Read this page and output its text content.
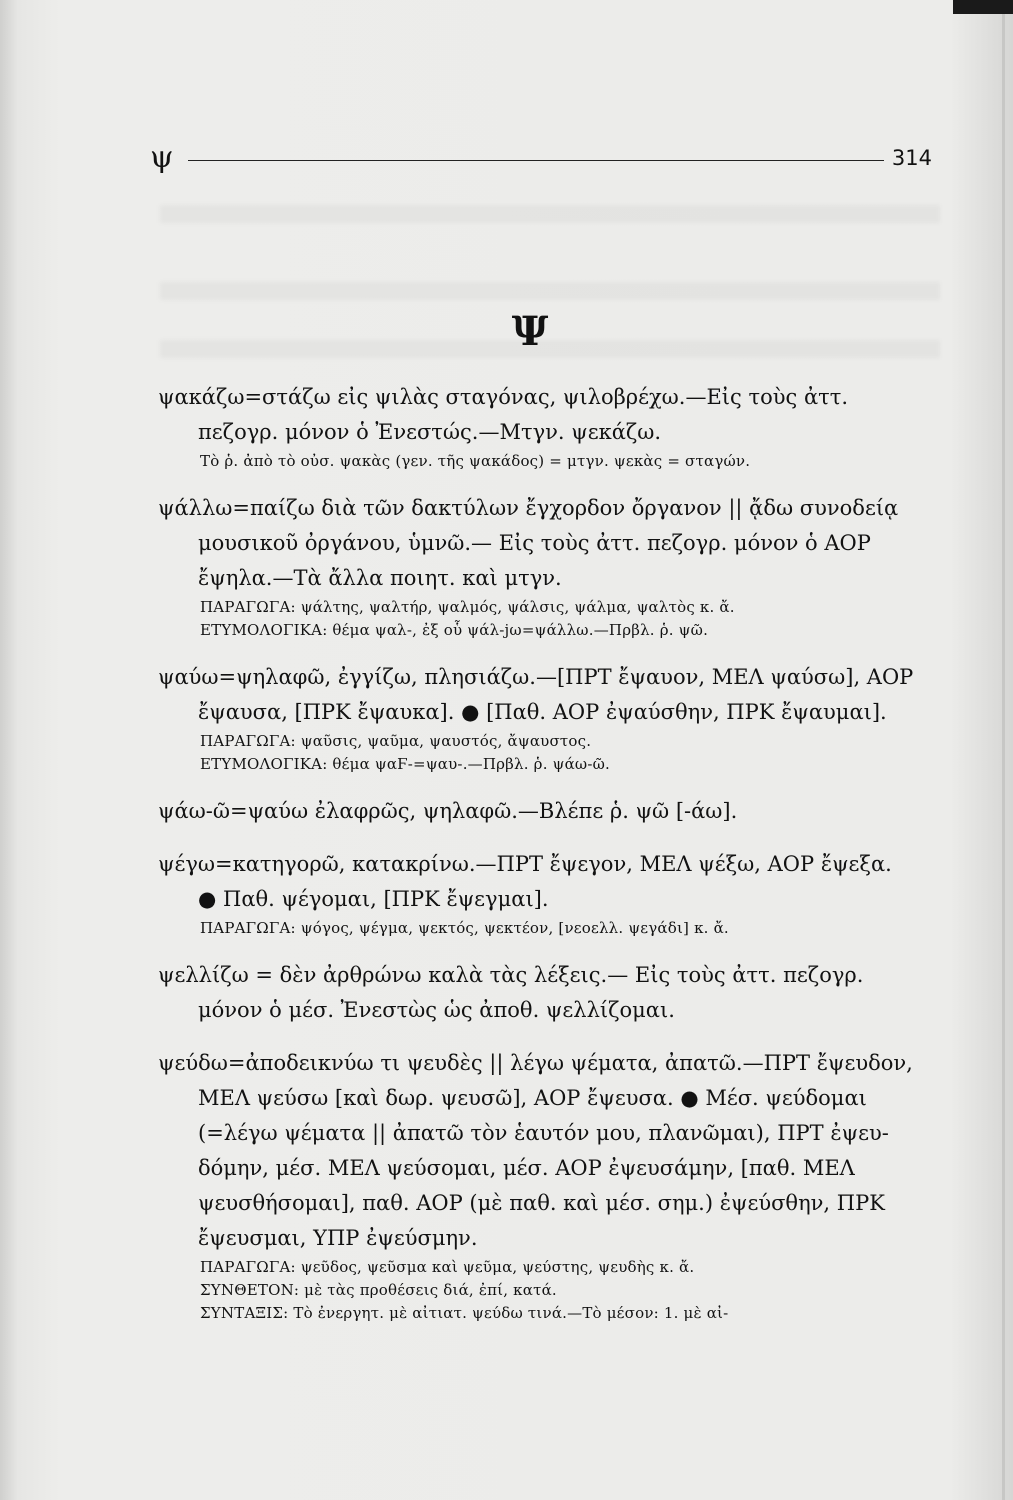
ψ	314
Ψ
ψακάζω=στάζω εἰς ψιλὰς σταγόνας, ψιλοβρέχω.—Εἰς τοὺς ἀττ.
πεζογρ. μόνον ὁ Ἐνεστώς.—Μτγν. ψεκάζω.
Τὸ ῥ. ἀπὸ τὸ οὐσ. ψακὰς (γεν. τῆς ψακάδος) = μτγν. ψεκὰς = σταγών.
ψάλλω=παίζω διὰ τῶν δακτύλων ἔγχορδον ὄργανον || ᾄδω συνοδείᾳ
μουσικοῦ ὀργάνου, ὑμνῶ.— Εἰς τοὺς ἀττ. πεζογρ. μόνον ὁ ΑΟΡ
ἔψηλα.—Τὰ ἄλλα ποιητ. καὶ μτγν.
ΠΑΡΑΓΩΓΑ: ψάλτης, ψαλτήρ, ψαλμός, ψάλσις, ψάλμα, ψαλτὸς κ. ἄ.
ΕΤΥΜΟΛΟΓΙΚΑ: θέμα ψαλ-, ἐξ οὗ ψάλ-jω=ψάλλω.—Πρβλ. ῥ. ψῶ.
ψαύω=ψηλαφῶ, ἐγγίζω, πλησιάζω.—[ΠΡΤ ἔψαυον, ΜΕΛ ψαύσω], ΑΟΡ
ἔψαυσα, [ΠΡΚ ἔψαυκα]. ● [Παθ. ΑΟΡ ἐψαύσθην, ΠΡΚ ἔψαυμαι].
ΠΑΡΑΓΩΓΑ: ψαῦσις, ψαῦμα, ψαυστός, ἄψαυστος.
ΕΤΥΜΟΛΟΓΙΚΑ: θέμα ψαϜ-=ψαυ-.—Πρβλ. ῥ. ψάω-ῶ.
ψάω-ῶ=ψαύω ἐλαφρῶς, ψηλαφῶ.—Βλέπε ῥ. ψῶ [-άω].
ψέγω=κατηγορῶ, κατακρίνω.—ΠΡΤ ἔψεγον, ΜΕΛ ψέξω, ΑΟΡ ἔψεξα.
● Παθ. ψέγομαι, [ΠΡΚ ἔψεγμαι].
ΠΑΡΑΓΩΓΑ: ψόγος, ψέγμα, ψεκτός, ψεκτέον, [νεοελλ. ψεγάδι] κ. ἄ.
ψελλίζω = δὲν ἀρθρώνω καλὰ τὰς λέξεις.— Εἰς τοὺς ἀττ. πεζογρ.
μόνον ὁ μέσ. Ἐνεστὼς ὡς ἀποθ. ψελλίζομαι.
ψεύδω=ἀποδεικνύω τι ψευδὲς || λέγω ψέματα, ἀπατῶ.—ΠΡΤ ἔψευδον,
ΜΕΛ ψεύσω [καὶ δωρ. ψευσῶ], ΑΟΡ ἔψευσα. ● Μέσ. ψεύδομαι
(=λέγω ψέματα || ἀπατῶ τὸν ἑαυτόν μου, πλανῶμαι), ΠΡΤ ἐψευ-
δόμην, μέσ. ΜΕΛ ψεύσομαι, μέσ. ΑΟΡ ἐψευσάμην, [παθ. ΜΕΛ
ψευσθήσομαι], παθ. ΑΟΡ (μὲ παθ. καὶ μέσ. σημ.) ἐψεύσθην, ΠΡΚ
ἔψευσμαι, ΥΠΡ ἐψεύσμην.
ΠΑΡΑΓΩΓΑ: ψεῦδος, ψεῦσμα καὶ ψεῦμα, ψεύστης, ψευδὴς κ. ἄ.
ΣΥΝΘΕΤΟΝ: μὲ τὰς προθέσεις διά, ἐπί, κατά.
ΣΥΝΤΑΞΙΣ: Τὸ ἐνεργητ. μὲ αἰτιατ. ψεύδω τινά.—Τὸ μέσον: 1. μὲ αἰ-
